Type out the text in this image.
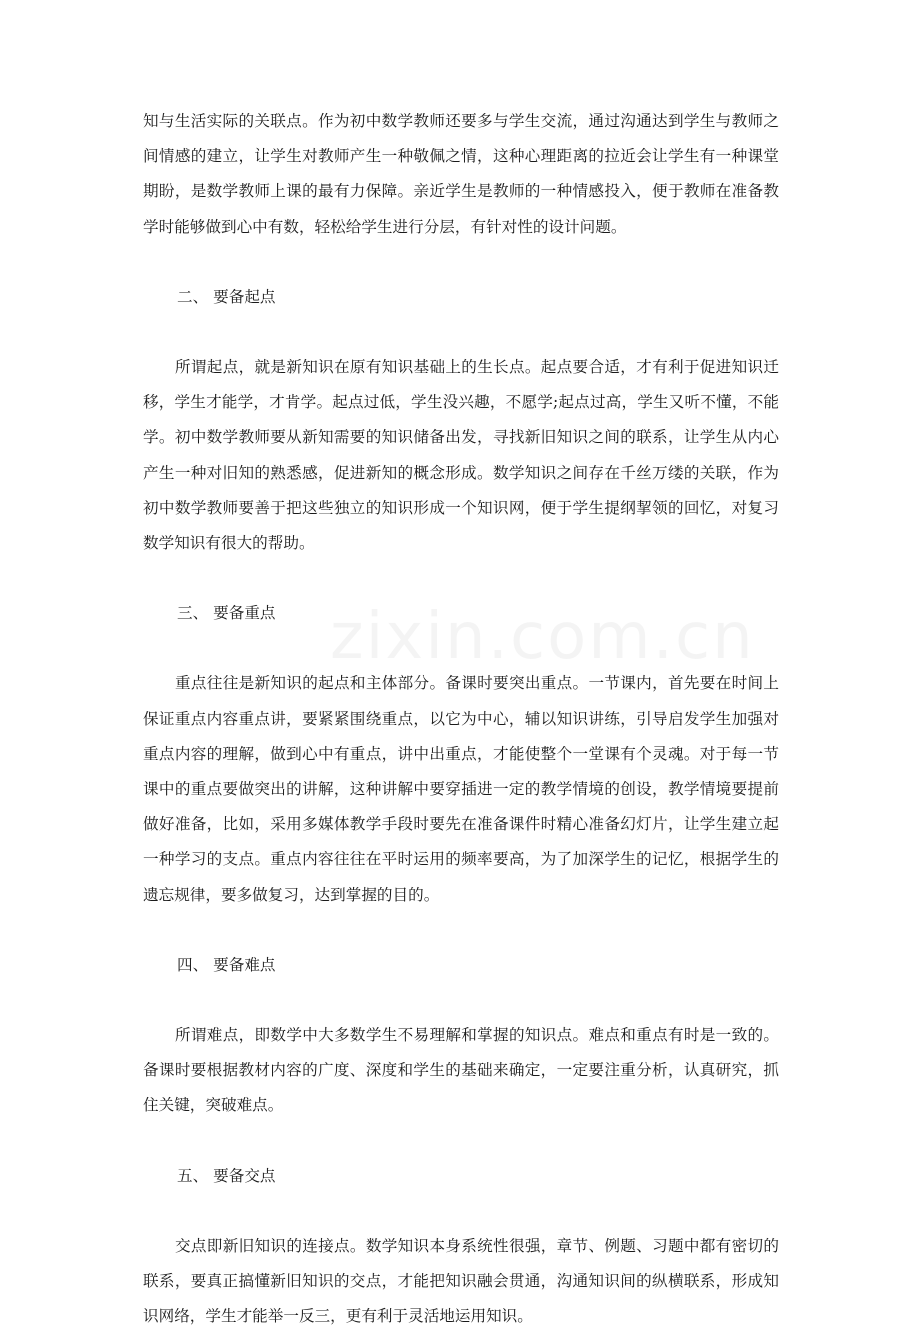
知与生活实际的关联点。作为初中数学教师还要多与学生交流，通过沟通达到学生与教师之间情感的建立，让学生对教师产生一种敬佩之情，这种心理距离的拉近会让学生有一种课堂期盼，是数学教师上课的最有力保障。亲近学生是教师的一种情感投入，便于教师在准备教学时能够做到心中有数，轻松给学生进行分层，有针对性的设计问题。

二、 要备起点

所谓起点，就是新知识在原有知识基础上的生长点。起点要合适，才有利于促进知识迁移，学生才能学，才肯学。起点过低，学生没兴趣，不愿学;起点过高，学生又听不懂，不能学。初中数学教师要从新知需要的知识储备出发，寻找新旧知识之间的联系，让学生从内心产生一种对旧知的熟悉感，促进新知的概念形成。数学知识之间存在千丝万缕的关联，作为初中数学教师要善于把这些独立的知识形成一个知识网，便于学生提纲挈领的回忆，对复习数学知识有很大的帮助。

三、 要备重点

重点往往是新知识的起点和主体部分。备课时要突出重点。一节课内，首先要在时间上保证重点内容重点讲，要紧紧围绕重点，以它为中心，辅以知识讲练，引导启发学生加强对重点内容的理解，做到心中有重点，讲中出重点，才能使整个一堂课有个灵魂。对于每一节课中的重点要做突出的讲解，这种讲解中要穿插进一定的教学情境的创设，教学情境要提前做好准备，比如，采用多媒体教学手段时要先在准备课件时精心准备幻灯片，让学生建立起一种学习的支点。重点内容往往在平时运用的频率要高，为了加深学生的记忆，根据学生的遗忘规律，要多做复习，达到掌握的目的。

四、 要备难点

所谓难点，即数学中大多数学生不易理解和掌握的知识点。难点和重点有时是一致的。备课时要根据教材内容的广度、深度和学生的基础来确定，一定要注重分析，认真研究，抓住关键，突破难点。

五、 要备交点

交点即新旧知识的连接点。数学知识本身系统性很强，章节、例题、习题中都有密切的联系，要真正搞懂新旧知识的交点，才能把知识融会贯通，沟通知识间的纵横联系，形成知识网络，学生才能举一反三，更有利于灵活地运用知识。
